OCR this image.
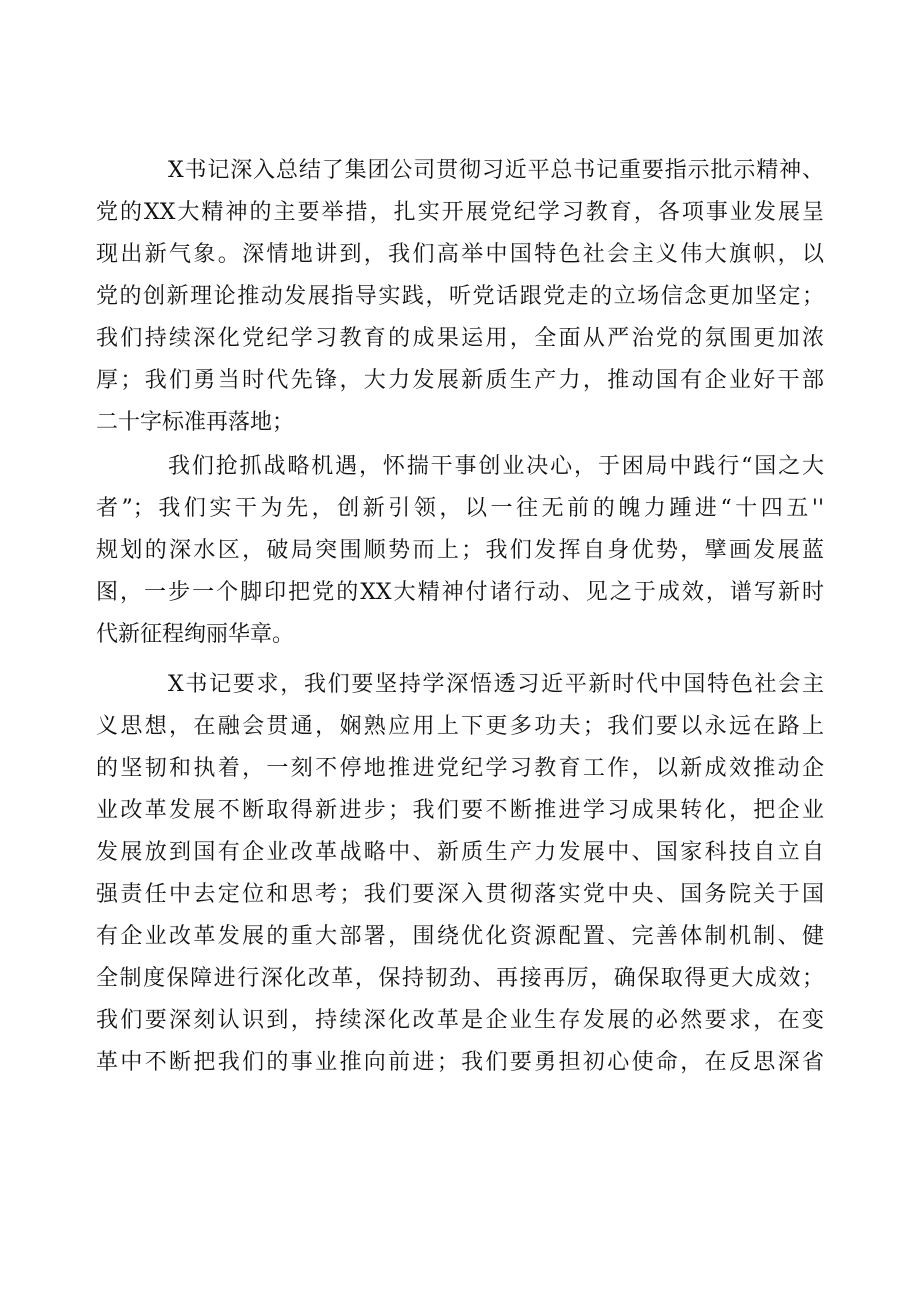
X书记深入总结了集团公司贯彻习近平总书记重要指示批示精神、
党的XX大精神的主要举措，扎实开展党纪学习教育，各项事业发展呈
现出新气象。深情地讲到，我们高举中国特色社会主义伟大旗帜，以
党的创新理论推动发展指导实践，听党话跟党走的立场信念更加坚定；
我们持续深化党纪学习教育的成果运用，全面从严治党的氛围更加浓
厚；我们勇当时代先锋，大力发展新质生产力，推动国有企业好干部
二十字标准再落地；
我们抢抓战略机遇，怀揣干事创业决心，于困局中践行“国之大
者”；我们实干为先，创新引领，以一往无前的魄力踵进“十四五''
规划的深水区，破局突围顺势而上；我们发挥自身优势，擘画发展蓝
图，一步一个脚印把党的XX大精神付诸行动、见之于成效，谱写新时
代新征程绚丽华章。
X书记要求，我们要坚持学深悟透习近平新时代中国特色社会主
义思想，在融会贯通，娴熟应用上下更多功夫；我们要以永远在路上
的坚韧和执着，一刻不停地推进党纪学习教育工作，以新成效推动企
业改革发展不断取得新进步；我们要不断推进学习成果转化，把企业
发展放到国有企业改革战略中、新质生产力发展中、国家科技自立自
强责任中去定位和思考；我们要深入贯彻落实党中央、国务院关于国
有企业改革发展的重大部署，围绕优化资源配置、完善体制机制、健
全制度保障进行深化改革，保持韧劲、再接再厉，确保取得更大成效；
我们要深刻认识到，持续深化改革是企业生存发展的必然要求，在变
革中不断把我们的事业推向前进；我们要勇担初心使命，在反思深省
